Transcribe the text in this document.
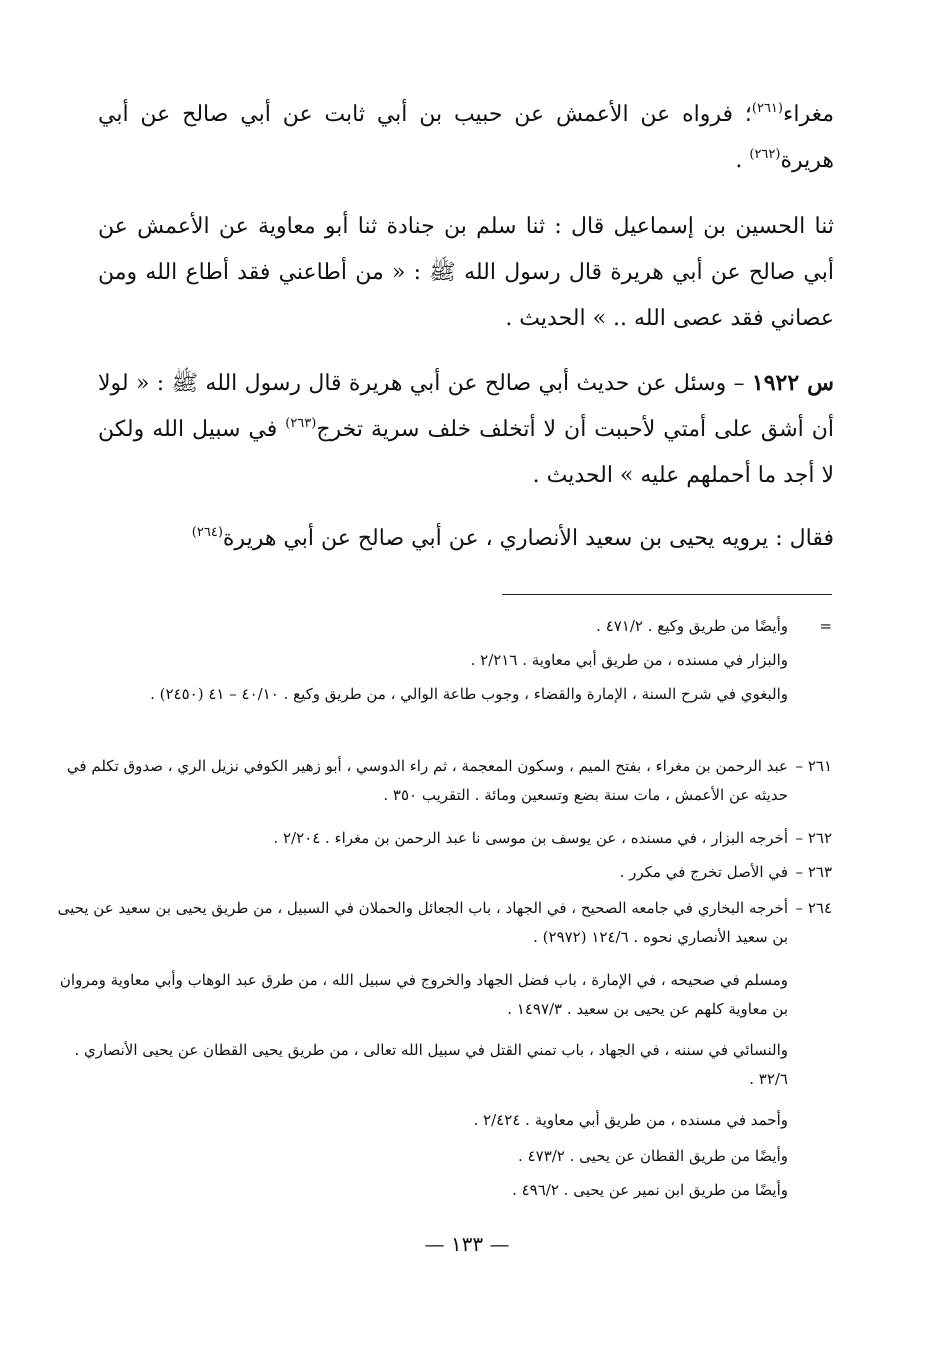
مغراء$^{(٢٦١)}$؛ فرواه عن الأعمش عن حبيب بن أبي ثابت عن أبي صالح عن أبي هريرة$^{(٢٦٢)}$ .

ثنا الحسين بن إسماعيل قال : ثنا سلم بن جنادة ثنا أبو معاوية عن الأعمش عن أبي صالح عن أبي هريرة قال رسول الله ﷺ : « من أطاعني فقد أطاع الله ومن عصاني فقد عصى الله .. » الحديث .

س ١٩٢٢ – وسئل عن حديث أبي صالح عن أبي هريرة قال رسول الله ﷺ : « لولا أن أشق على أمتي لأحببت أن لا أتخلف خلف سرية تخرج$^{(٢٦٣)}$ في سبيل الله ولكن لا أجد ما أحملهم عليه » الحديث .

فقال : يرويه يحيى بن سعيد الأنصاري ، عن أبي صالح عن أبي هريرة$^{(٢٦٤)}$

=
وأيضًا من طريق وكيع . ٤٧١/٢ .
والبزار في مسنده ، من طريق أبي معاوية . ٢/٢١٦ .
والبغوي في شرح السنة ، الإمارة والقضاء ، وجوب طاعة الوالي ، من طريق وكيع . ٤٠/١٠ – ٤١ (٢٤٥٠) .
٢٦١ –
عبد الرحمن بن مغراء ، بفتح الميم ، وسكون المعجمة ، ثم راء الدوسي ، أبو زهير الكوفي نزيل الري ، صدوق تكلم في حديثه عن الأعمش ، مات سنة بضع وتسعين ومائة . التقريب ٣٥٠ .
٢٦٢ –
أخرجه البزار ، في مسنده ، عن يوسف بن موسى نا عبد الرحمن بن مغراء . ٢/٢٠٤ .
٢٦٣ –
في الأصل تخرج في مكرر .
٢٦٤ –
أخرجه البخاري في جامعه الصحيح ، في الجهاد ، باب الجعائل والحملان في السبيل ، من طريق يحيى بن سعيد عن يحيى بن سعيد الأنصاري نحوه . ١٢٤/٦ (٢٩٧٢) .
ومسلم في صحيحه ، في الإمارة ، باب فضل الجهاد والخروج في سبيل الله ، من طرق عبد الوهاب وأبي معاوية ومروان بن معاوية كلهم عن يحيى بن سعيد . ١٤٩٧/٣ .
والنسائي في سننه ، في الجهاد ، باب تمني القتل في سبيل الله تعالى ، من طريق يحيى القطان عن يحيى الأنصاري . ٣٢/٦ .
وأحمد في مسنده ، من طريق أبي معاوية . ٢/٤٢٤ .
وأيضًا من طريق القطان عن يحيى . ٤٧٣/٢ .
وأيضًا من طريق ابن نمير عن يحيى . ٤٩٦/٢ .
— ١٣٣ —
